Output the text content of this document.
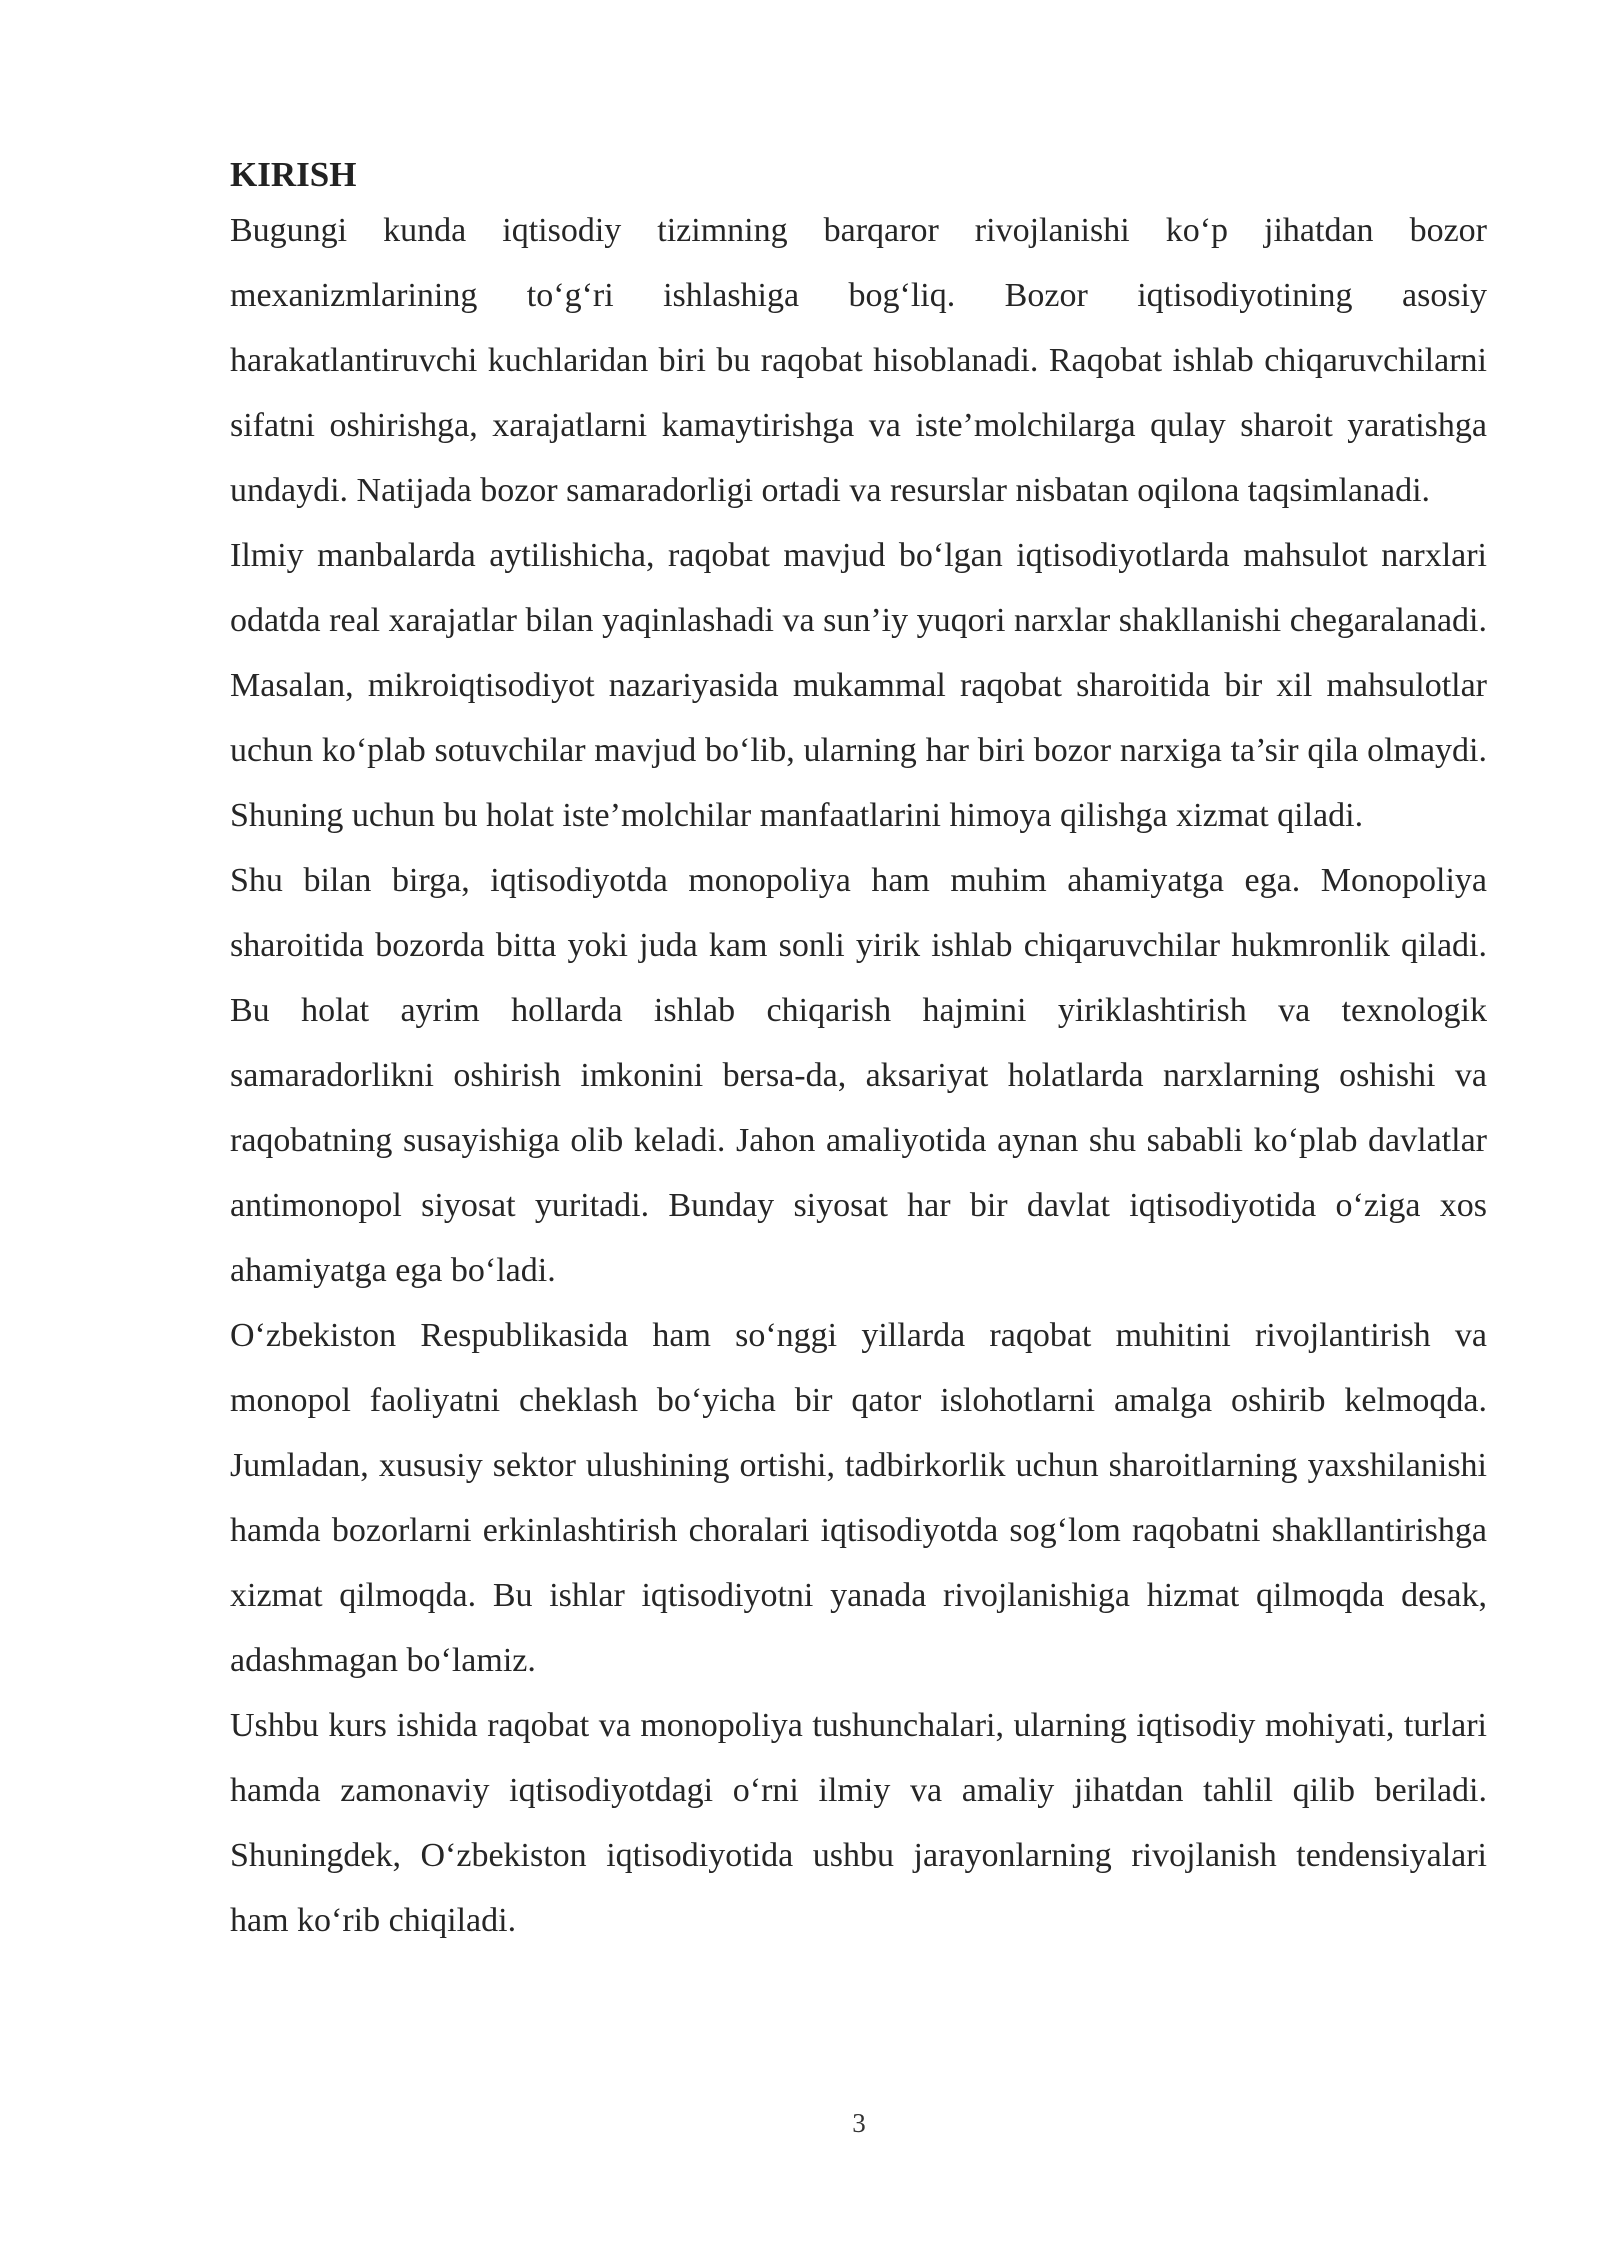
KIRISH

Bugungi kunda iqtisodiy tizimning barqaror rivojlanishi ko‘p jihatdan bozor mexanizmlarining to‘g‘ri ishlashiga bog‘liq. Bozor iqtisodiyotining asosiy harakatlantiruvchi kuchlaridan biri bu raqobat hisoblanadi. Raqobat ishlab chiqaruvchilarni sifatni oshirishga, xarajatlarni kamaytirishga va iste’molchilarga qulay sharoit yaratishga undaydi. Natijada bozor samaradorligi ortadi va resurslar nisbatan oqilona taqsimlanadi.

Ilmiy manbalarda aytilishicha, raqobat mavjud bo‘lgan iqtisodiyotlarda mahsulot narxlari odatda real xarajatlar bilan yaqinlashadi va sun’iy yuqori narxlar shakllanishi chegaralanadi. Masalan, mikroiqtisodiyot nazariyasida mukammal raqobat sharoitida bir xil mahsulotlar uchun ko‘plab sotuvchilar mavjud bo‘lib, ularning har biri bozor narxiga ta’sir qila olmaydi. Shuning uchun bu holat iste’molchilar manfaatlarini himoya qilishga xizmat qiladi.

Shu bilan birga, iqtisodiyotda monopoliya ham muhim ahamiyatga ega. Monopoliya sharoitida bozorda bitta yoki juda kam sonli yirik ishlab chiqaruvchilar hukmronlik qiladi. Bu holat ayrim hollarda ishlab chiqarish hajmini yiriklashtirish va texnologik samaradorlikni oshirish imkonini bersa-da, aksariyat holatlarda narxlarning oshishi va raqobatning susayishiga olib keladi. Jahon amaliyotida aynan shu sababli ko‘plab davlatlar antimonopol siyosat yuritadi. Bunday siyosat har bir davlat iqtisodiyotida o‘ziga xos ahamiyatga ega bo‘ladi.

O‘zbekiston Respublikasida ham so‘nggi yillarda raqobat muhitini rivojlantirish va monopol faoliyatni cheklash bo‘yicha bir qator islohotlarni amalga oshirib kelmoqda. Jumladan, xususiy sektor ulushining ortishi, tadbirkorlik uchun sharoitlarning yaxshilanishi hamda bozorlarni erkinlashtirish choralari iqtisodiyotda sog‘lom raqobatni shakllantirishga xizmat qilmoqda. Bu ishlar iqtisodiyotni yanada rivojlanishiga hizmat qilmoqda desak, adashmagan bo‘lamiz.

Ushbu kurs ishida raqobat va monopoliya tushunchalari, ularning iqtisodiy mohiyati, turlari hamda zamonaviy iqtisodiyotdagi o‘rni ilmiy va amaliy jihatdan tahlil qilib beriladi. Shuningdek, O‘zbekiston iqtisodiyotida ushbu jarayonlarning rivojlanish tendensiyalari ham ko‘rib chiqiladi.

3
